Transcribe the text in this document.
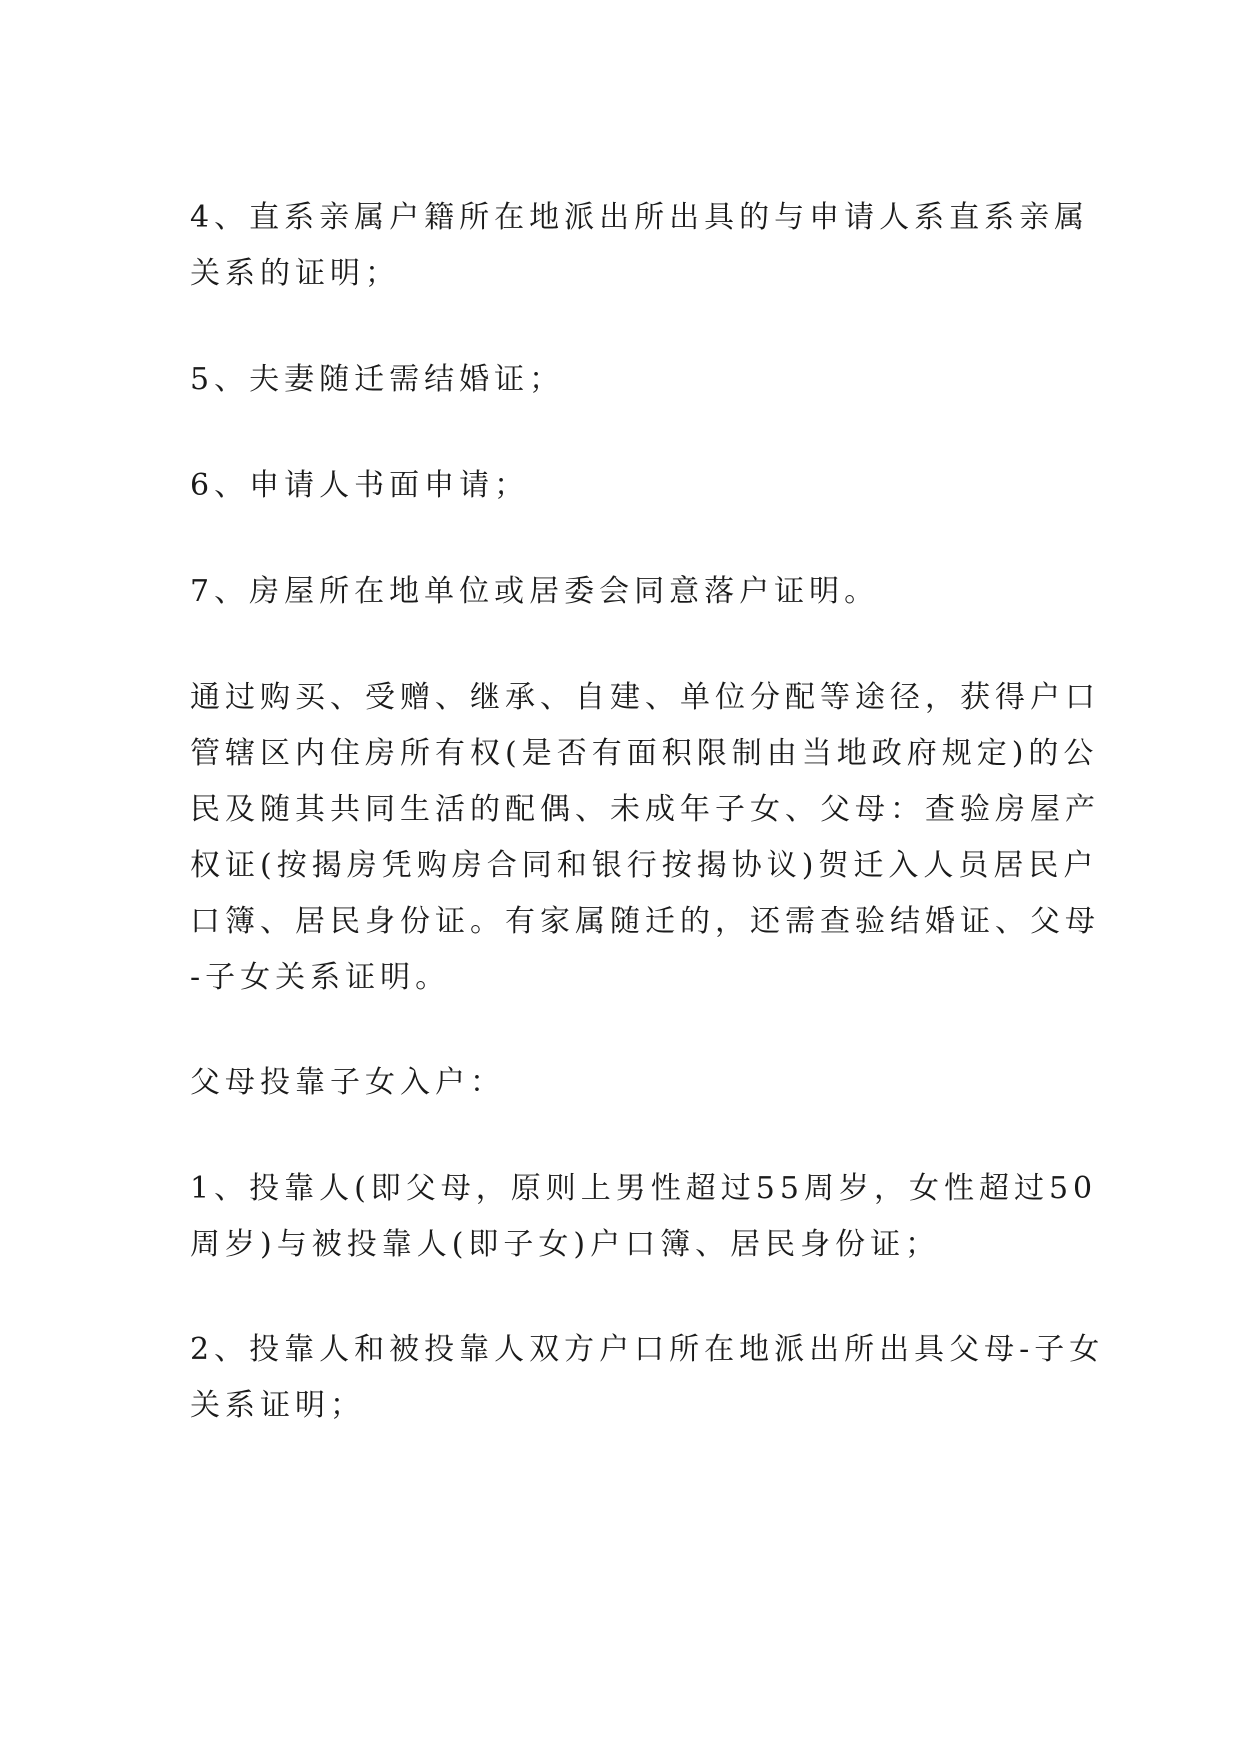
4、直系亲属户籍所在地派出所出具的与申请人系直系亲属
关系的证明；
5、夫妻随迁需结婚证；
6、申请人书面申请；
7、房屋所在地单位或居委会同意落户证明。
通过购买、受赠、继承、自建、单位分配等途径，获得户口
管辖区内住房所有权(是否有面积限制由当地政府规定)的公
民及随其共同生活的配偶、未成年子女、父母：查验房屋产
权证(按揭房凭购房合同和银行按揭协议)贺迁入人员居民户
口簿、居民身份证。有家属随迁的，还需查验结婚证、父母
-子女关系证明。
父母投靠子女入户：
1、投靠人(即父母，原则上男性超过55周岁，女性超过50
周岁)与被投靠人(即子女)户口簿、居民身份证；
2、投靠人和被投靠人双方户口所在地派出所出具父母-子女
关系证明；
